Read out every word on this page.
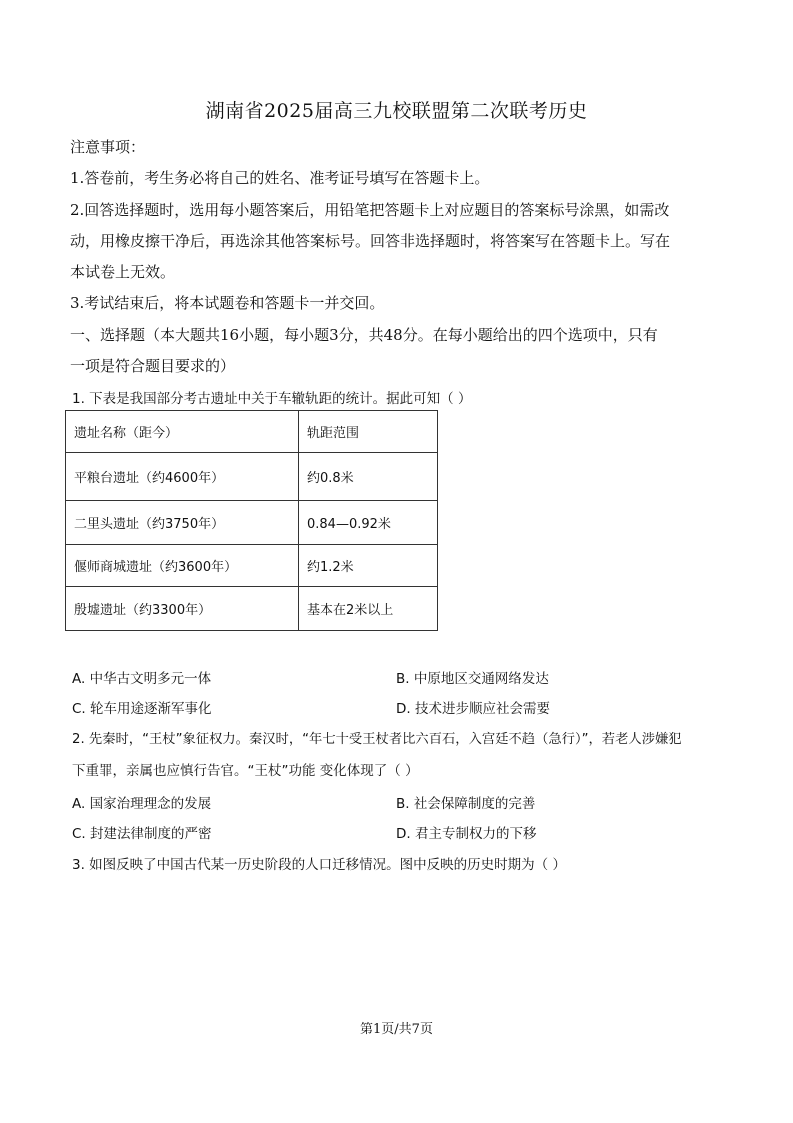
湖南省2025届高三九校联盟第二次联考历史
注意事项：
1.答卷前，考生务必将自己的姓名、准考证号填写在答题卡上。
2.回答选择题时，选用每小题答案后，用铅笔把答题卡上对应题目的答案标号涂黑，如需改
动，用橡皮擦干净后，再选涂其他答案标号。回答非选择题时，将答案写在答题卡上。写在
本试卷上无效。
3.考试结束后，将本试题卷和答题卡一并交回。
一、选择题（本大题共16小题，每小题3分，共48分。在每小题给出的四个选项中，只有
一项是符合题目要求的）
1. 下表是我国部分考古遗址中关于车辙轨距的统计。据此可知（ ）
遗址名称（距今）	轨距范围
平粮台遗址（约4600年）	约0.8米
二里头遗址（约3750年）	0.84—0.92米
偃师商城遗址（约3600年）	约1.2米
殷墟遗址（约3300年）	基本在2米以上
A. 中华古文明多元一体	B. 中原地区交通网络发达
C. 轮车用途逐渐军事化	D. 技术进步顺应社会需要
2. 先秦时，“王杖”象征权力。秦汉时，“年七十受王杖者比六百石，入宫廷不趋（急行）”，若老人涉嫌犯
下重罪，亲属也应慎行告官。“王杖”功能 变化体现了（ ）
A. 国家治理理念的发展	B. 社会保障制度的完善
C. 封建法律制度的严密	D. 君主专制权力的下移
3. 如图反映了中国古代某一历史阶段的人口迁移情况。图中反映的历史时期为（ ）
第1页/共7页
